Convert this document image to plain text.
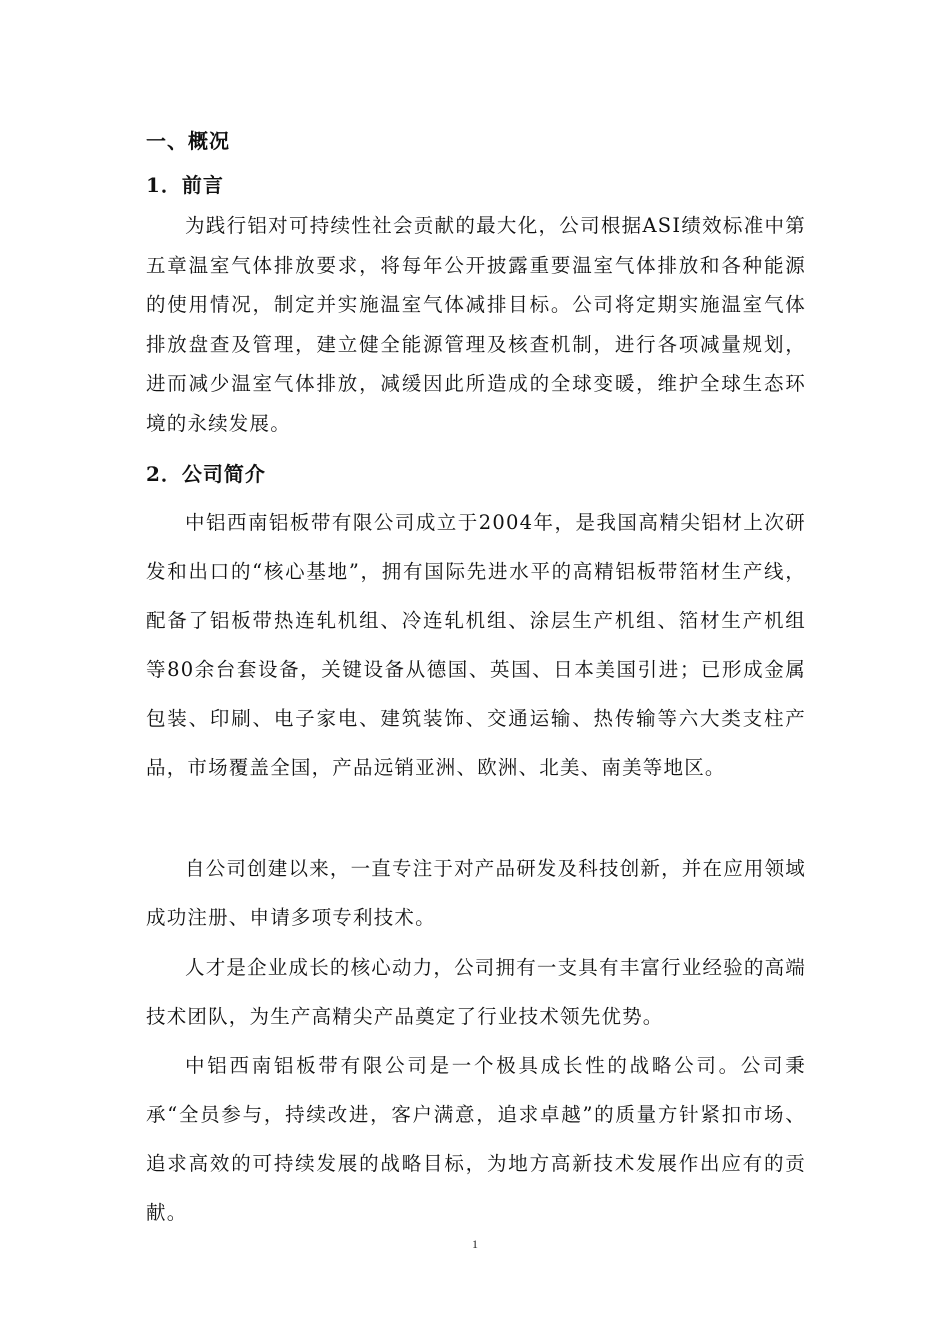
一、概况
1．前言

为践行铝对可持续性社会贡献的最大化，公司根据ASI绩效标准中第五章温室气体排放要求，将每年公开披露重要温室气体排放和各种能源的使用情况，制定并实施温室气体减排目标。公司将定期实施温室气体排放盘查及管理，建立健全能源管理及核查机制，进行各项减量规划，进而减少温室气体排放，减缓因此所造成的全球变暖，维护全球生态环境的永续发展。

2．公司简介

中铝西南铝板带有限公司成立于2004年，是我国高精尖铝材上次研发和出口的“核心基地”，拥有国际先进水平的高精铝板带箔材生产线，配备了铝板带热连轧机组、冷连轧机组、涂层生产机组、箔材生产机组等80余台套设备，关键设备从德国、英国、日本美国引进；已形成金属包装、印刷、电子家电、建筑装饰、交通运输、热传输等六大类支柱产品，市场覆盖全国，产品远销亚洲、欧洲、北美、南美等地区。

自公司创建以来，一直专注于对产品研发及科技创新，并在应用领域成功注册、申请多项专利技术。

人才是企业成长的核心动力，公司拥有一支具有丰富行业经验的高端技术团队，为生产高精尖产品奠定了行业技术领先优势。

中铝西南铝板带有限公司是一个极具成长性的战略公司。公司秉承“全员参与，持续改进，客户满意，追求卓越”的质量方针紧扣市场、追求高效的可持续发展的战略目标，为地方高新技术发展作出应有的贡献。

1
